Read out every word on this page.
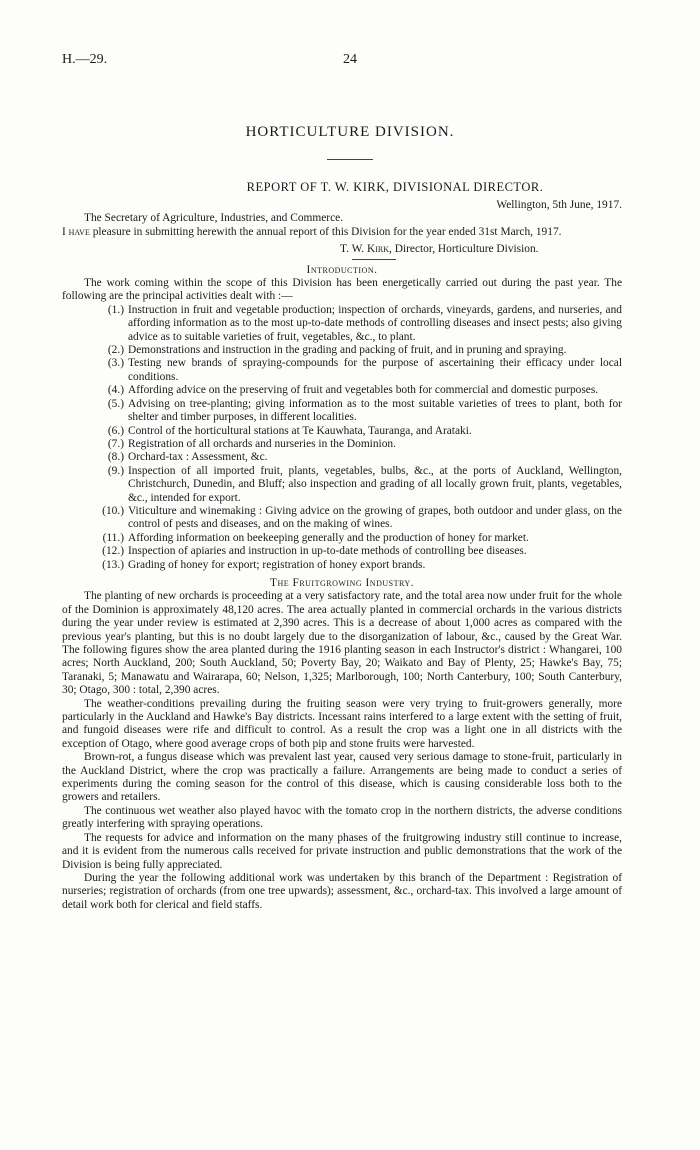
H.—29.	24
HORTICULTURE DIVISION.
REPORT OF T. W. KIRK, DIVISIONAL DIRECTOR.

Wellington, 5th June, 1917.

The Secretary of Agriculture, Industries, and Commerce.

I have pleasure in submitting herewith the annual report of this Division for the year ended 31st March, 1917.

T. W. Kirk, Director, Horticulture Division.

Introduction.

The work coming within the scope of this Division has been energetically carried out during the past year. The following are the principal activities dealt with :—

(1.) Instruction in fruit and vegetable production; inspection of orchards, vineyards, gardens, and nurseries, and affording information as to the most up-to-date methods of controlling diseases and insect pests; also giving advice as to suitable varieties of fruit, vegetables, &c., to plant.
(2.) Demonstrations and instruction in the grading and packing of fruit, and in pruning and spraying.
(3.) Testing new brands of spraying-compounds for the purpose of ascertaining their efficacy under local conditions.
(4.) Affording advice on the preserving of fruit and vegetables both for commercial and domestic purposes.
(5.) Advising on tree-planting; giving information as to the most suitable varieties of trees to plant, both for shelter and timber purposes, in different localities.
(6.) Control of the horticultural stations at Te Kauwhata, Tauranga, and Arataki.
(7.) Registration of all orchards and nurseries in the Dominion.
(8.) Orchard-tax : Assessment, &c.
(9.) Inspection of all imported fruit, plants, vegetables, bulbs, &c., at the ports of Auckland, Wellington, Christchurch, Dunedin, and Bluff; also inspection and grading of all locally grown fruit, plants, vegetables, &c., intended for export.
(10.) Viticulture and winemaking : Giving advice on the growing of grapes, both outdoor and under glass, on the control of pests and diseases, and on the making of wines.
(11.) Affording information on beekeeping generally and the production of honey for market.
(12.) Inspection of apiaries and instruction in up-to-date methods of controlling bee diseases.
(13.) Grading of honey for export; registration of honey export brands.

The Fruitgrowing Industry.

The planting of new orchards is proceeding at a very satisfactory rate, and the total area now under fruit for the whole of the Dominion is approximately 48,120 acres. The area actually planted in commercial orchards in the various districts during the year under review is estimated at 2,390 acres. This is a decrease of about 1,000 acres as compared with the previous year's planting, but this is no doubt largely due to the disorganization of labour, &c., caused by the Great War. The following figures show the area planted during the 1916 planting season in each Instructor's district : Whangarei, 100 acres; North Auckland, 200; South Auckland, 50; Poverty Bay, 20; Waikato and Bay of Plenty, 25; Hawke's Bay, 75; Taranaki, 5; Manawatu and Wairarapa, 60; Nelson, 1,325; Marlborough, 100; North Canterbury, 100; South Canterbury, 30; Otago, 300 : total, 2,390 acres.

The weather-conditions prevailing during the fruiting season were very trying to fruit-growers generally, more particularly in the Auckland and Hawke's Bay districts. Incessant rains interfered to a large extent with the setting of fruit, and fungoid diseases were rife and difficult to control. As a result the crop was a light one in all districts with the exception of Otago, where good average crops of both pip and stone fruits were harvested.

Brown-rot, a fungus disease which was prevalent last year, caused very serious damage to stone-fruit, particularly in the Auckland District, where the crop was practically a failure. Arrangements are being made to conduct a series of experiments during the coming season for the control of this disease, which is causing considerable loss both to the growers and retailers.

The continuous wet weather also played havoc with the tomato crop in the northern districts, the adverse conditions greatly interfering with spraying operations.

The requests for advice and information on the many phases of the fruitgrowing industry still continue to increase, and it is evident from the numerous calls received for private instruction and public demonstrations that the work of the Division is being fully appreciated.

During the year the following additional work was undertaken by this branch of the Department : Registration of nurseries; registration of orchards (from one tree upwards); assessment, &c., orchard-tax. This involved a large amount of detail work both for clerical and field staffs.
